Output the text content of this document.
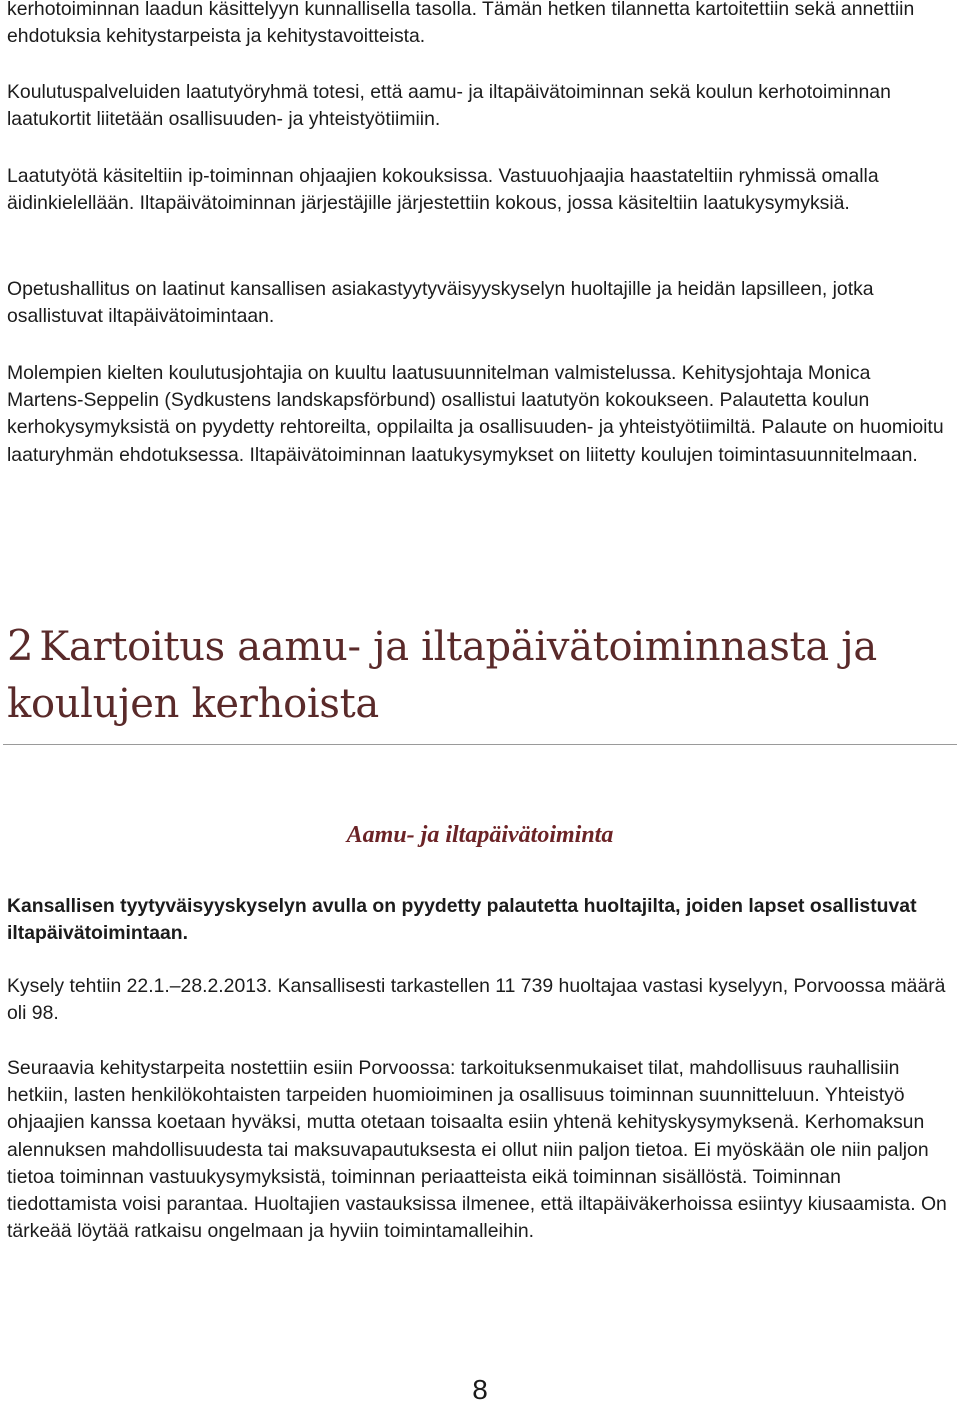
kerhotoiminnan laadun käsittelyyn kunnallisella tasolla. Tämän hetken tilannetta kartoitettiin sekä annettiin ehdotuksia kehitystarpeista ja kehitystavoitteista.

Koulutuspalveluiden laatutyöryhmä totesi, että aamu- ja iltapäivätoiminnan sekä koulun kerhotoiminnan laatukortit liitetään osallisuuden- ja yhteistyötiimiin.

Laatutyötä käsiteltiin ip-toiminnan ohjaajien kokouksissa. Vastuuohjaajia haastateltiin ryhmissä omalla äidinkielellään. Iltapäivätoiminnan järjestäjille järjestettiin kokous, jossa käsiteltiin laatukysymyksiä.

Opetushallitus on laatinut kansallisen asiakastyytyväisyyskyselyn huoltajille ja heidän lapsilleen, jotka osallistuvat iltapäivätoimintaan.

Molempien kielten koulutusjohtajia on kuultu laatusuunnitelman valmistelussa. Kehitysjohtaja Monica Martens-Seppelin (Sydkustens landskapsförbund) osallistui laatutyön kokoukseen. Palautetta koulun kerhokysymyksistä on pyydetty rehtoreilta, oppilailta ja osallisuuden- ja yhteistyötiimiltä. Palaute on huomioitu laaturyhmän ehdotuksessa. Iltapäivätoiminnan laatukysymykset on liitetty koulujen toimintasuunnitelmaan.

2 Kartoitus aamu- ja iltapäivätoiminnasta ja koulujen kerhoista
Aamu- ja iltapäivätoiminta

Kansallisen tyytyväisyyskyselyn avulla on pyydetty palautetta huoltajilta, joiden lapset osallistuvat iltapäivätoimintaan.

Kysely tehtiin 22.1.–28.2.2013. Kansallisesti tarkastellen 11 739 huoltajaa vastasi kyselyyn, Porvoossa määrä oli 98.

Seuraavia kehitystarpeita nostettiin esiin Porvoossa: tarkoituksenmukaiset tilat, mahdollisuus rauhallisiin hetkiin, lasten henkilökohtaisten tarpeiden huomioiminen ja osallisuus toiminnan suunnitteluun. Yhteistyö ohjaajien kanssa koetaan hyväksi, mutta otetaan toisaalta esiin yhtenä kehityskysymyksenä. Kerhomaksun alennuksen mahdollisuudesta tai maksuvapautuksesta ei ollut niin paljon tietoa. Ei myöskään ole niin paljon tietoa toiminnan vastuukysymyksistä, toiminnan periaatteista eikä toiminnan sisällöstä. Toiminnan tiedottamista voisi parantaa. Huoltajien vastauksissa ilmenee, että iltapäiväkerhoissa esiintyy kiusaamista. On tärkeää löytää ratkaisu ongelmaan ja hyviin toimintamalleihin.

8
